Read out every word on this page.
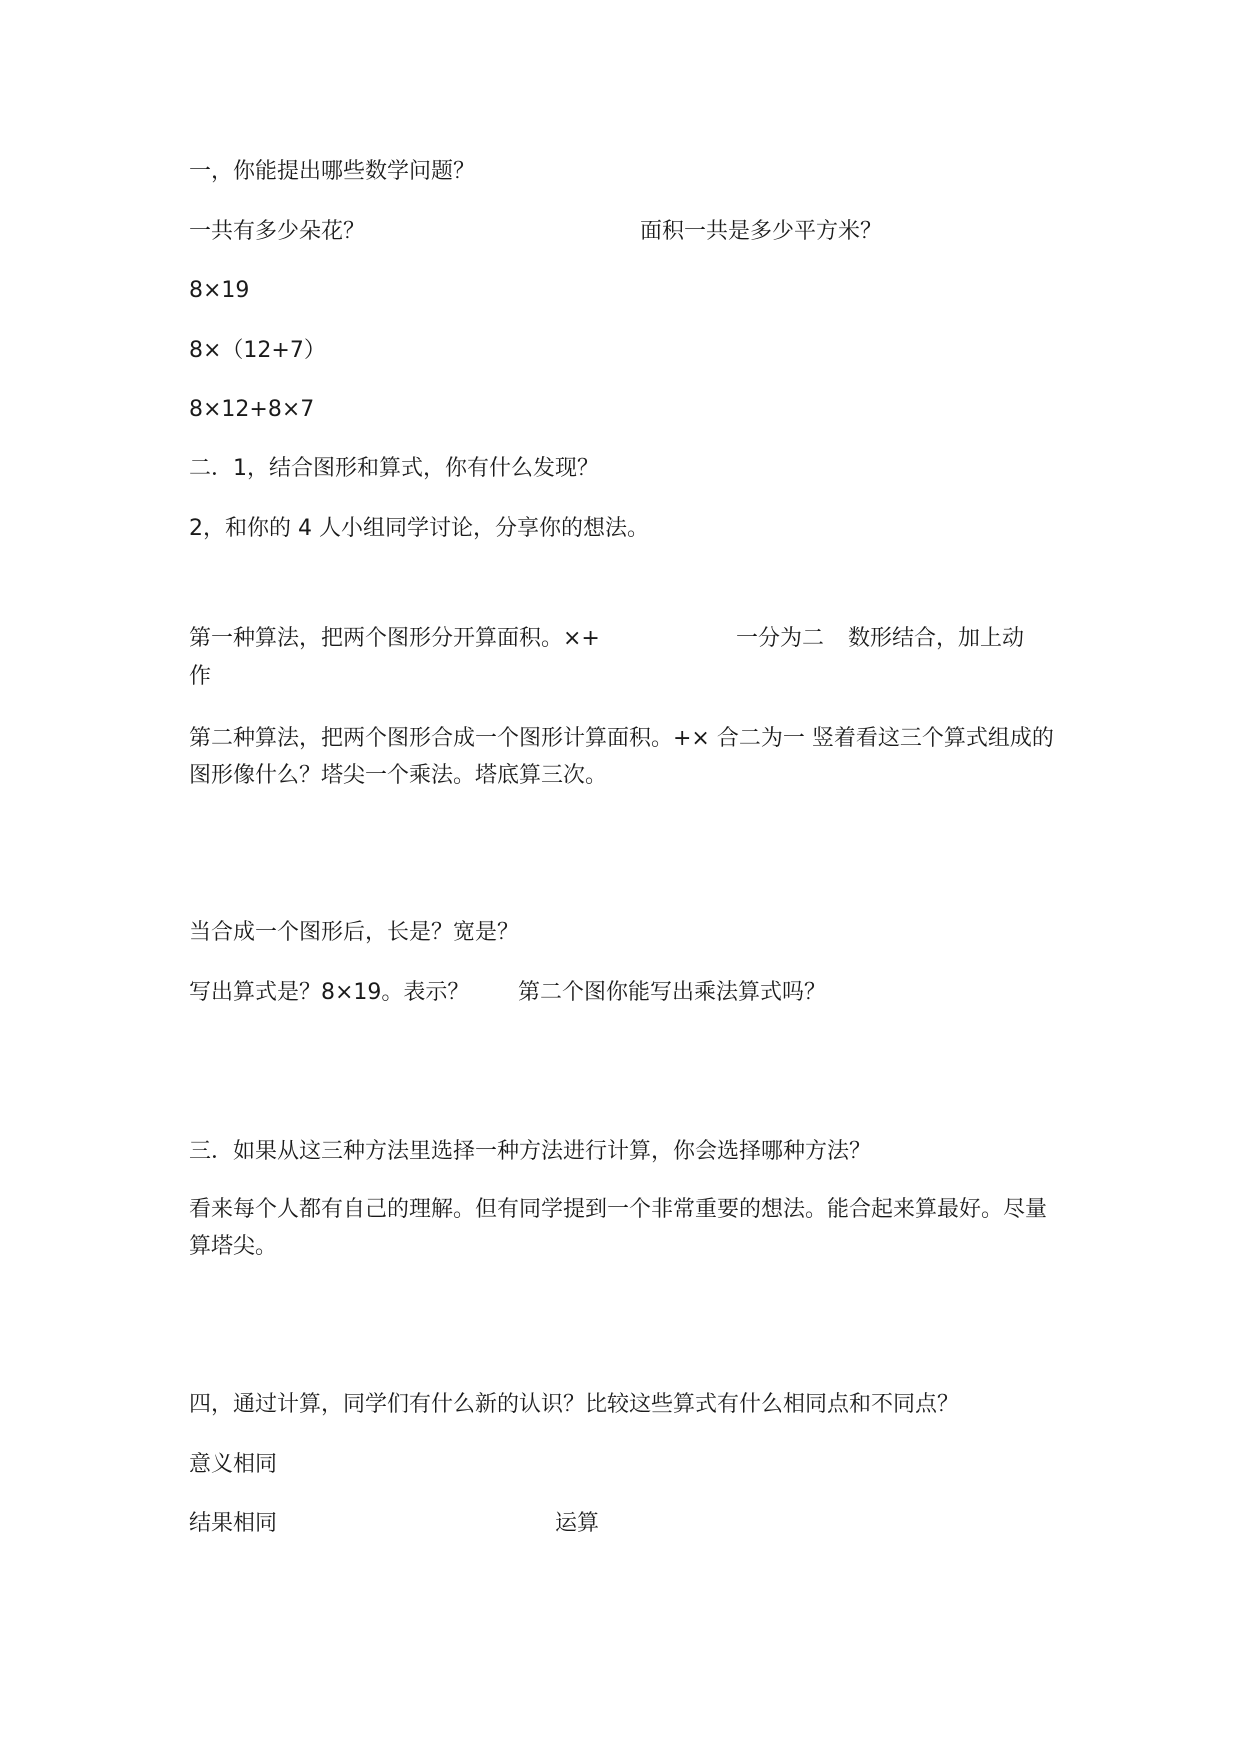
一，你能提出哪些数学问题？
一共有多少朵花？	面积一共是多少平方米？
8×19
8×（12+7）
8×12+8×7
二．1，结合图形和算式，你有什么发现？
2，和你的 4 人小组同学讨论，分享你的想法。
第一种算法，把两个图形分开算面积。×+	一分为二 数形结合，加上动
作
第二种算法，把两个图形合成一个图形计算面积。+× 合二为一 竖着看这三个算式组成的图形像什么？塔尖一个乘法。塔底算三次。
当合成一个图形后，长是？宽是？
写出算式是？8×19。表示？ 第二个图你能写出乘法算式吗？
三．如果从这三种方法里选择一种方法进行计算，你会选择哪种方法？
看来每个人都有自己的理解。但有同学提到一个非常重要的想法。能合起来算最好。尽量算塔尖。
四，通过计算，同学们有什么新的认识？比较这些算式有什么相同点和不同点？
意义相同
结果相同	运算
